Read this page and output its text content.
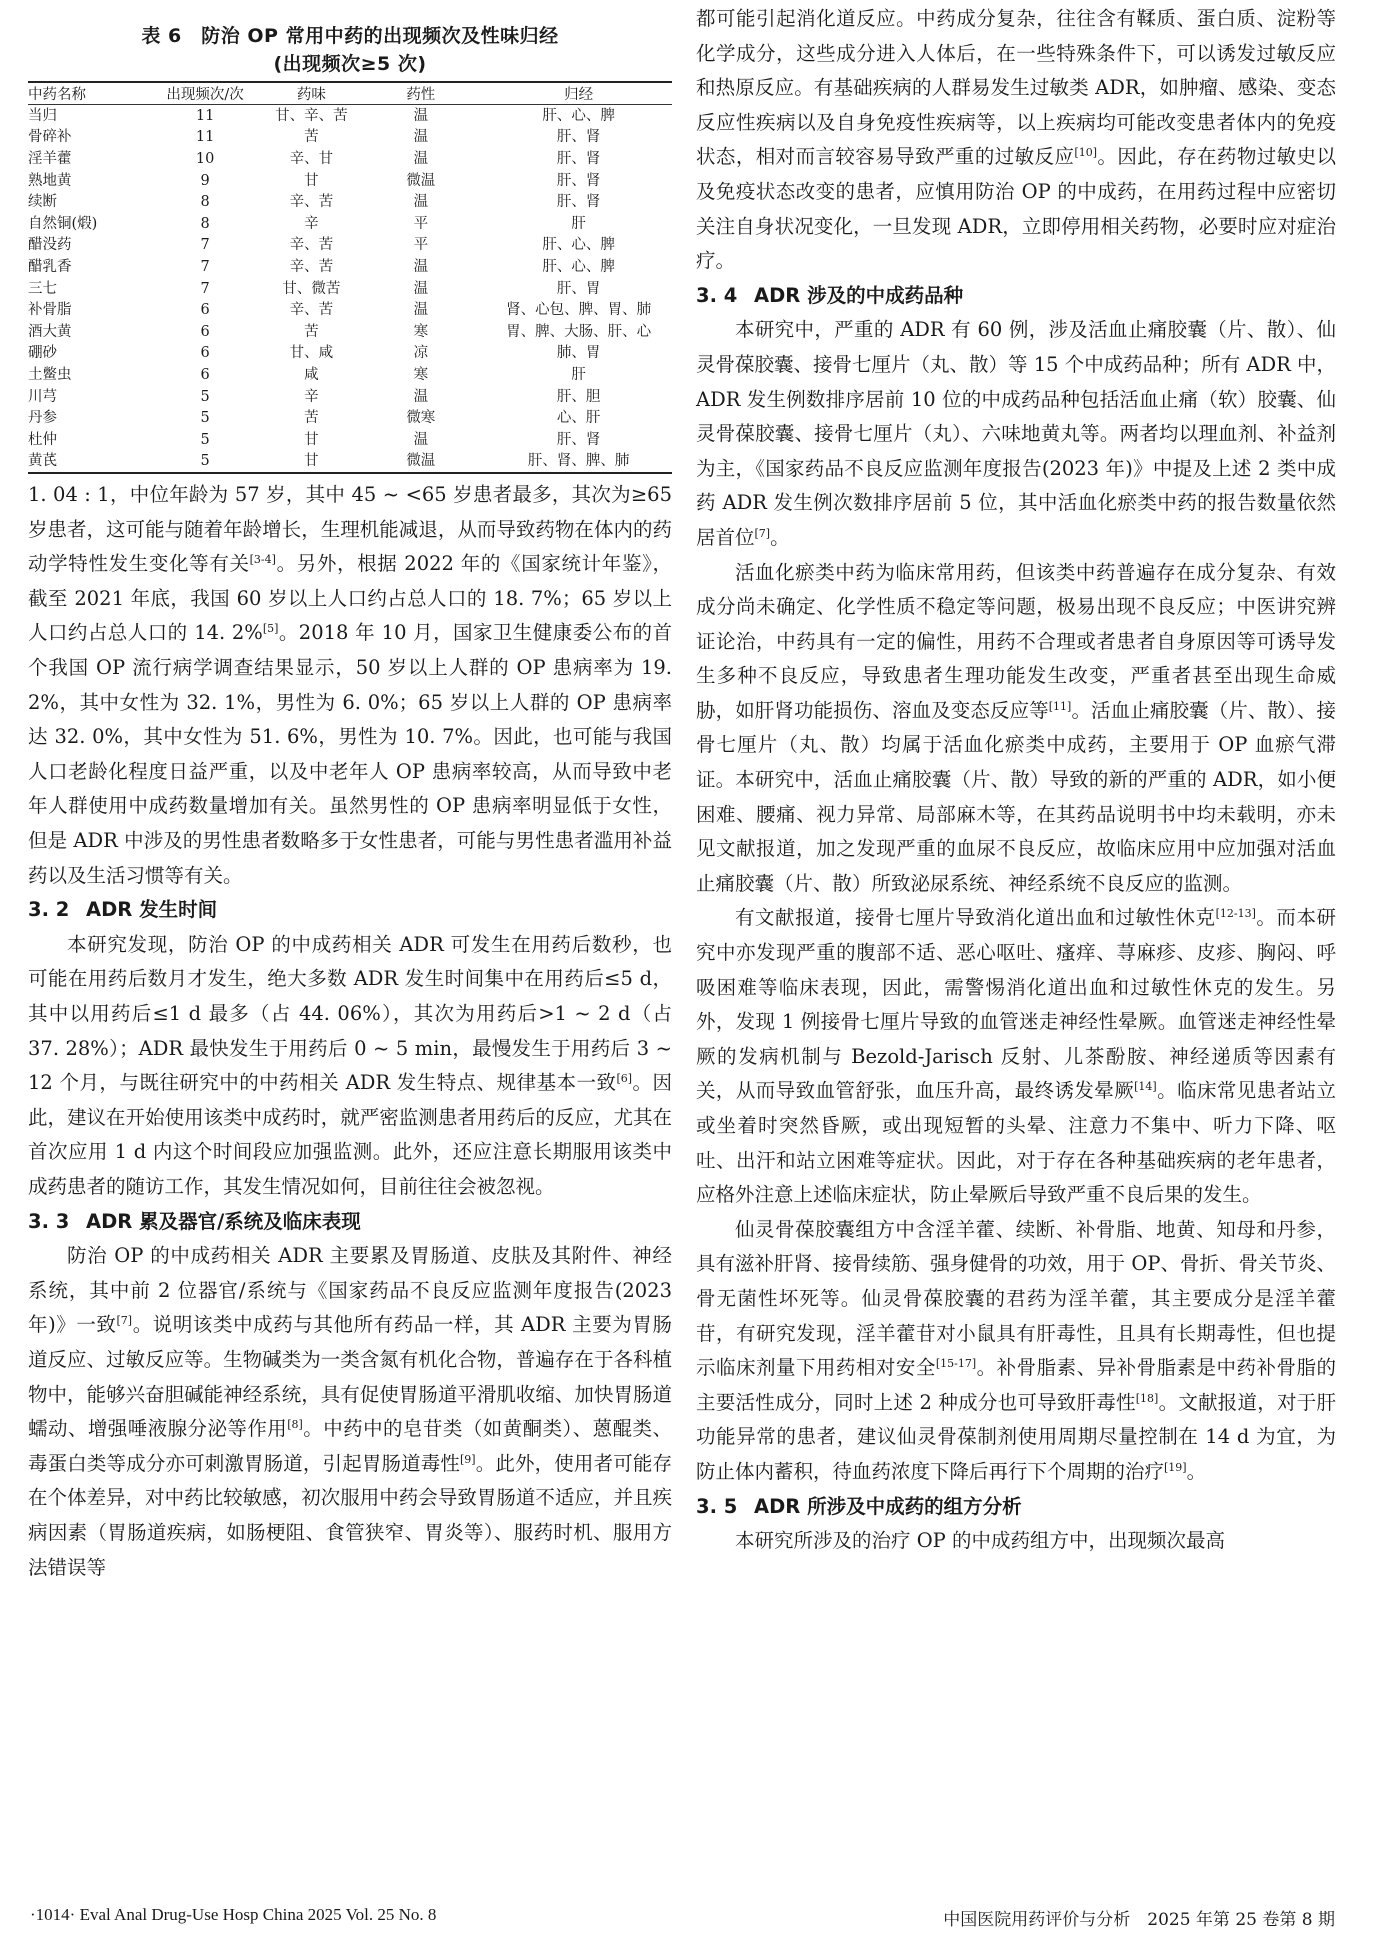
表 6　防治 OP 常用中药的出现频次及性味归经
(出现频次≥5 次)
中药名称	出现频次/次	药味	药性	归经
当归	11	甘、辛、苦	温	肝、心、脾
骨碎补	11	苦	温	肝、肾
淫羊藿	10	辛、甘	温	肝、肾
熟地黄	9	甘	微温	肝、肾
续断	8	辛、苦	温	肝、肾
自然铜(煅)	8	辛	平	肝
醋没药	7	辛、苦	平	肝、心、脾
醋乳香	7	辛、苦	温	肝、心、脾
三七	7	甘、微苦	温	肝、胃
补骨脂	6	辛、苦	温	肾、心包、脾、胃、肺
酒大黄	6	苦	寒	胃、脾、大肠、肝、心
硼砂	6	甘、咸	凉	肺、胃
土鳖虫	6	咸	寒	肝
川芎	5	辛	温	肝、胆
丹参	5	苦	微寒	心、肝
杜仲	5	甘	温	肝、肾
黄芪	5	甘	微温	肝、肾、脾、肺

1. 04 : 1，中位年龄为 57 岁，其中 45 ~ <65 岁患者最多，其次为≥65 岁患者，这可能与随着年龄增长，生理机能减退，从而导致药物在体内的药动学特性发生变化等有关[3-4]。另外，根据 2022 年的《国家统计年鉴》，截至 2021 年底，我国 60 岁以上人口约占总人口的 18. 7%；65 岁以上人口约占总人口的 14. 2%[5]。2018 年 10 月，国家卫生健康委公布的首个我国 OP 流行病学调查结果显示，50 岁以上人群的 OP 患病率为 19. 2%，其中女性为 32. 1%，男性为 6. 0%；65 岁以上人群的 OP 患病率达 32. 0%，其中女性为 51. 6%，男性为 10. 7%。因此，也可能与我国人口老龄化程度日益严重，以及中老年人 OP 患病率较高，从而导致中老年人群使用中成药数量增加有关。虽然男性的 OP 患病率明显低于女性，但是 ADR 中涉及的男性患者数略多于女性患者，可能与男性患者滥用补益药以及生活习惯等有关。

3. 2 ADR 发生时间

本研究发现，防治 OP 的中成药相关 ADR 可发生在用药后数秒，也可能在用药后数月才发生，绝大多数 ADR 发生时间集中在用药后≤5 d，其中以用药后≤1 d 最多（占 44. 06%），其次为用药后>1 ~ 2 d（占 37. 28%）；ADR 最快发生于用药后 0 ~ 5 min，最慢发生于用药后 3 ~ 12 个月，与既往研究中的中药相关 ADR 发生特点、规律基本一致[6]。因此，建议在开始使用该类中成药时，就严密监测患者用药后的反应，尤其在首次应用 1 d 内这个时间段应加强监测。此外，还应注意长期服用该类中成药患者的随访工作，其发生情况如何，目前往往会被忽视。

3. 3 ADR 累及器官/系统及临床表现

防治 OP 的中成药相关 ADR 主要累及胃肠道、皮肤及其附件、神经系统，其中前 2 位器官/系统与《国家药品不良反应监测年度报告(2023 年)》一致[7]。说明该类中成药与其他所有药品一样，其 ADR 主要为胃肠道反应、过敏反应等。生物碱类为一类含氮有机化合物，普遍存在于各科植物中，能够兴奋胆碱能神经系统，具有促使胃肠道平滑肌收缩、加快胃肠道蠕动、增强唾液腺分泌等作用[8]。中药中的皂苷类（如黄酮类）、蒽醌类、毒蛋白类等成分亦可刺激胃肠道，引起胃肠道毒性[9]。此外，使用者可能存在个体差异，对中药比较敏感，初次服用中药会导致胃肠道不适应，并且疾病因素（胃肠道疾病，如肠梗阻、食管狭窄、胃炎等）、服药时机、服用方法错误等

都可能引起消化道反应。中药成分复杂，往往含有鞣质、蛋白质、淀粉等化学成分，这些成分进入人体后，在一些特殊条件下，可以诱发过敏反应和热原反应。有基础疾病的人群易发生过敏类 ADR，如肿瘤、感染、变态反应性疾病以及自身免疫性疾病等，以上疾病均可能改变患者体内的免疫状态，相对而言较容易导致严重的过敏反应[10]。因此，存在药物过敏史以及免疫状态改变的患者，应慎用防治 OP 的中成药，在用药过程中应密切关注自身状况变化，一旦发现 ADR，立即停用相关药物，必要时应对症治疗。

3. 4 ADR 涉及的中成药品种

本研究中，严重的 ADR 有 60 例，涉及活血止痛胶囊（片、散）、仙灵骨葆胶囊、接骨七厘片（丸、散）等 15 个中成药品种；所有 ADR 中，ADR 发生例数排序居前 10 位的中成药品种包括活血止痛（软）胶囊、仙灵骨葆胶囊、接骨七厘片（丸）、六味地黄丸等。两者均以理血剂、补益剂为主，《国家药品不良反应监测年度报告(2023 年)》中提及上述 2 类中成药 ADR 发生例次数排序居前 5 位，其中活血化瘀类中药的报告数量依然居首位[7]。

活血化瘀类中药为临床常用药，但该类中药普遍存在成分复杂、有效成分尚未确定、化学性质不稳定等问题，极易出现不良反应；中医讲究辨证论治，中药具有一定的偏性，用药不合理或者患者自身原因等可诱导发生多种不良反应，导致患者生理功能发生改变，严重者甚至出现生命威胁，如肝肾功能损伤、溶血及变态反应等[11]。活血止痛胶囊（片、散）、接骨七厘片（丸、散）均属于活血化瘀类中成药，主要用于 OP 血瘀气滞证。本研究中，活血止痛胶囊（片、散）导致的新的严重的 ADR，如小便困难、腰痛、视力异常、局部麻木等，在其药品说明书中均未载明，亦未见文献报道，加之发现严重的血尿不良反应，故临床应用中应加强对活血止痛胶囊（片、散）所致泌尿系统、神经系统不良反应的监测。

有文献报道，接骨七厘片导致消化道出血和过敏性休克[12-13]。而本研究中亦发现严重的腹部不适、恶心呕吐、瘙痒、荨麻疹、皮疹、胸闷、呼吸困难等临床表现，因此，需警惕消化道出血和过敏性休克的发生。另外，发现 1 例接骨七厘片导致的血管迷走神经性晕厥。血管迷走神经性晕厥的发病机制与 Bezold-Jarisch 反射、儿茶酚胺、神经递质等因素有关，从而导致血管舒张，血压升高，最终诱发晕厥[14]。临床常见患者站立或坐着时突然昏厥，或出现短暂的头晕、注意力不集中、听力下降、呕吐、出汗和站立困难等症状。因此，对于存在各种基础疾病的老年患者，应格外注意上述临床症状，防止晕厥后导致严重不良后果的发生。

仙灵骨葆胶囊组方中含淫羊藿、续断、补骨脂、地黄、知母和丹参，具有滋补肝肾、接骨续筋、强身健骨的功效，用于 OP、骨折、骨关节炎、骨无菌性坏死等。仙灵骨葆胶囊的君药为淫羊藿，其主要成分是淫羊藿苷，有研究发现，淫羊藿苷对小鼠具有肝毒性，且具有长期毒性，但也提示临床剂量下用药相对安全[15-17]。补骨脂素、异补骨脂素是中药补骨脂的主要活性成分，同时上述 2 种成分也可导致肝毒性[18]。文献报道，对于肝功能异常的患者，建议仙灵骨葆制剂使用周期尽量控制在 14 d 为宜，为防止体内蓄积，待血药浓度下降后再行下个周期的治疗[19]。

3. 5 ADR 所涉及中成药的组方分析

本研究所涉及的治疗 OP 的中成药组方中，出现频次最高

·1014· Eval Anal Drug-Use Hosp China 2025 Vol. 25 No. 8	中国医院用药评价与分析　2025 年第 25 卷第 8 期
